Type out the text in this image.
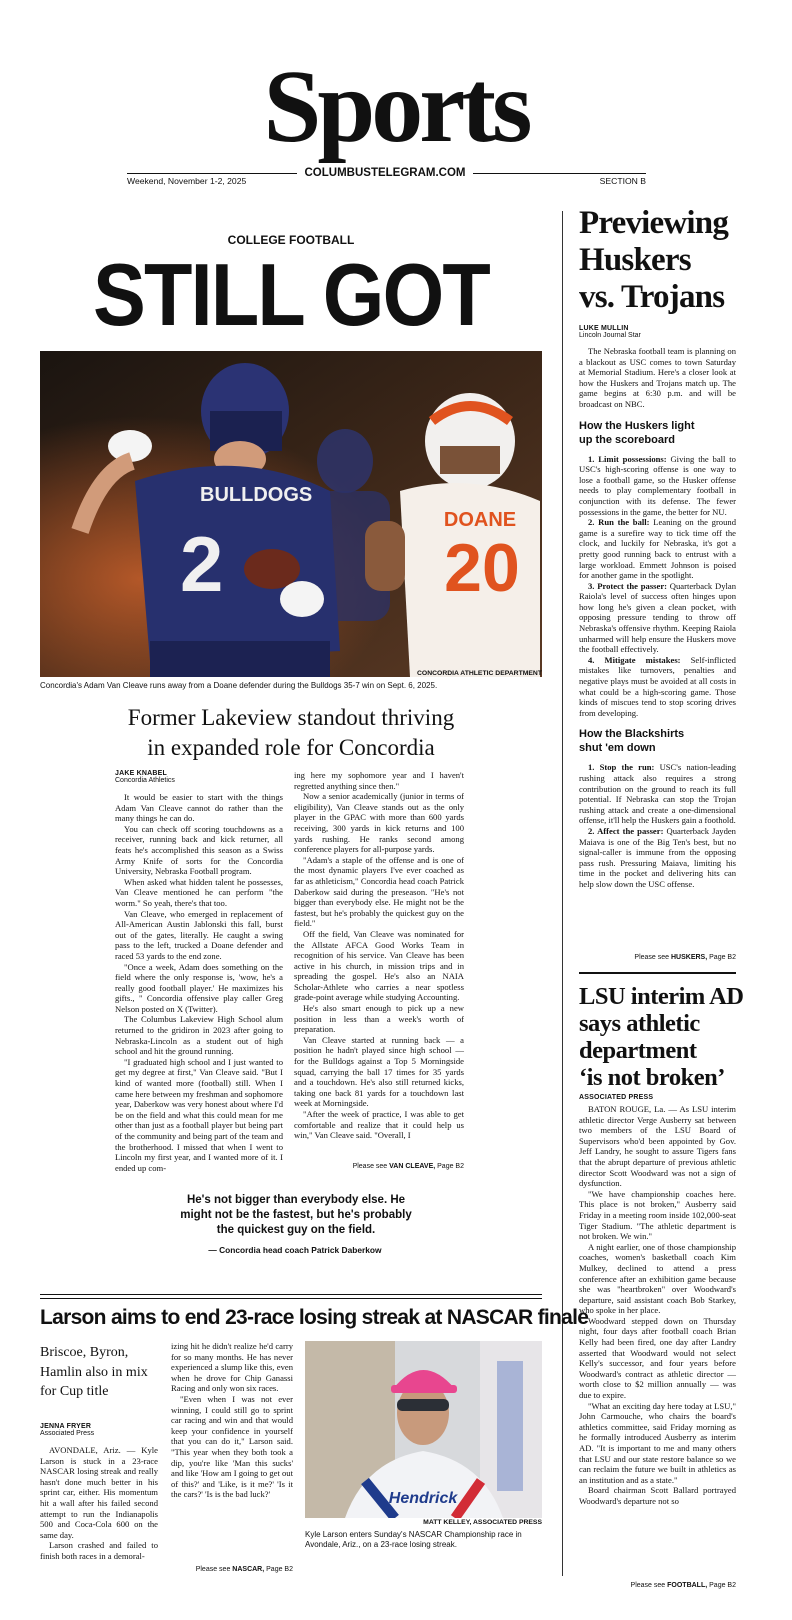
Sports
Weekend, November 1-2, 2025
COLUMBUSTELEGRAM.COM
SECTION B
COLLEGE FOOTBALL
STILL GOT
20
DOANE
BULLDOGS
2
CONCORDIA ATHLETIC DEPARTMENT
Concordia's Adam Van Cleave runs away from a Doane defender during the Bulldogs 35-7 win on Sept. 6, 2025.
Former Lakeview standout thriving
in expanded role for Concordia
JAKE KNABEL
Concordia Athletics

It would be easier to start with the things Adam Van Cleave cannot do rather than the many things he can do.

You can check off scoring touchdowns as a receiver, running back and kick returner, all feats he's accomplished this season as a Swiss Army Knife of sorts for the Concordia University, Nebraska Football program.

When asked what hidden talent he possesses, Van Cleave mentioned he can perform "the worm." So yeah, there's that too.

Van Cleave, who emerged in replacement of All-American Austin Jablonski this fall, burst out of the gates, literally. He caught a swing pass to the left, trucked a Doane defender and raced 53 yards to the end zone.

"Once a week, Adam does something on the field where the only response is, 'wow, he's a really good football player.' He maximizes his gifts., " Concordia offensive play caller Greg Nelson posted on X (Twitter).

The Columbus Lakeview High School alum returned to the gridiron in 2023 after going to Nebraska-Lincoln as a student out of high school and hit the ground running.

"I graduated high school and I just wanted to get my degree at first," Van Cleave said. "But I kind of wanted more (football) still. When I came here between my freshman and sophomore year, Daberkow was very honest about where I'd be on the field and what this could mean for me other than just as a football player but being part of the community and being part of the team and the brotherhood. I missed that when I went to Lincoln my first year, and I wanted more of it. I ended up com-

ing here my sophomore year and I haven't regretted anything since then."

Now a senior academically (junior in terms of eligibility), Van Cleave stands out as the only player in the GPAC with more than 600 yards receiving, 300 yards in kick returns and 100 yards rushing. He ranks second among conference players for all-purpose yards.

"Adam's a staple of the offense and is one of the most dynamic players I've ever coached as far as athleticism," Concordia head coach Patrick Daberkow said during the preseason. "He's not bigger than everybody else. He might not be the fastest, but he's probably the quickest guy on the field."

Off the field, Van Cleave was nominated for the Allstate AFCA Good Works Team in recognition of his service. Van Cleave has been active in his church, in mission trips and in spreading the gospel. He's also an NAIA Scholar-Athlete who carries a near spotless grade-point average while studying Accounting.

He's also smart enough to pick up a new position in less than a week's worth of preparation.

Van Cleave started at running back — a position he hadn't played since high school — for the Bulldogs against a Top 5 Morningside squad, carrying the ball 17 times for 35 yards and a touchdown. He's also still returned kicks, taking one back 81 yards for a touchdown last week at Morningside.

"After the week of practice, I was able to get comfortable and realize that it could help us win," Van Cleave said. "Overall, I

Please see VAN CLEAVE, Page B2
He's not bigger than everybody else. He might not be the fastest, but he's probably the quickest guy on the field.
— Concordia head coach Patrick Daberkow
Larson aims to end 23-race losing streak at NASCAR finale
Briscoe, Byron, Hamlin also in mix for Cup title
JENNA FRYER
Associated Press

AVONDALE, Ariz. — Kyle Larson is stuck in a 23-race NASCAR losing streak and really hasn't done much better in his sprint car, either. His momentum hit a wall after his failed second attempt to run the Indianapolis 500 and Coca-Cola 600 on the same day.

Larson crashed and failed to finish both races in a demoral-

izing hit he didn't realize he'd carry for so many months. He has never experienced a slump like this, even when he drove for Chip Ganassi Racing and only won six races.

"Even when I was not ever winning, I could still go to sprint car racing and win and that would keep your confidence in yourself that you can do it," Larson said. "This year when they both took a dip, you're like 'Man this sucks' and like 'How am I going to get out of this?' and 'Like, is it me?' 'Is it the cars?' 'Is is the bad luck?'

Please see NASCAR, Page B2
Hendrick
MATT KELLEY, ASSOCIATED PRESS
Kyle Larson enters Sunday's NASCAR Championship race in Avondale, Ariz., on a 23-race losing streak.
Previewing
Huskers
vs. Trojans
LUKE MULLIN
Lincoln Journal Star

The Nebraska football team is planning on a blackout as USC comes to town Saturday at Memorial Stadium. Here's a closer look at how the Huskers and Trojans match up. The game begins at 6:30 p.m. and will be broadcast on NBC.

How the Huskers light up the scoreboard

1. Limit possessions: Giving the ball to USC's high-scoring offense is one way to lose a football game, so the Husker offense needs to play complementary football in conjunction with its defense. The fewer possessions in the game, the better for NU.

2. Run the ball: Leaning on the ground game is a surefire way to tick time off the clock, and luckily for Nebraska, it's got a pretty good running back to entrust with a large workload. Emmett Johnson is poised for another game in the spotlight.

3. Protect the passer: Quarterback Dylan Raiola's level of success often hinges upon how long he's given a clean pocket, with opposing pressure tending to throw off Nebraska's offensive rhythm. Keeping Raiola unharmed will help ensure the Huskers move the football effectively.

4. Mitigate mistakes: Self-inflicted mistakes like turnovers, penalties and negative plays must be avoided at all costs in what could be a high-scoring game. Those kinds of miscues tend to stop scoring drives from developing.

How the Blackshirts shut 'em down

1. Stop the run: USC's nation-leading rushing attack also requires a strong contribution on the ground to reach its full potential. If Nebraska can stop the Trojan rushing attack and create a one-dimensional offense, it'll help the Huskers gain a foothold.

2. Affect the passer: Quarterback Jayden Maiava is one of the Big Ten's best, but no signal-caller is immune from the opposing pass rush. Pressuring Maiava, limiting his time in the pocket and delivering hits can help slow down the USC offense.

Please see HUSKERS, Page B2
LSU interim AD
says athletic
department
‘is not broken’
ASSOCIATED PRESS

BATON ROUGE, La. — As LSU interim athletic director Verge Ausberry sat between two members of the LSU Board of Supervisors who'd been appointed by Gov. Jeff Landry, he sought to assure Tigers fans that the abrupt departure of previous athletic director Scott Woodward was not a sign of dysfunction.

"We have championship coaches here. This place is not broken," Ausberry said Friday in a meeting room inside 102,000-seat Tiger Stadium. "The athletic department is not broken. We win."

A night earlier, one of those championship coaches, women's basketball coach Kim Mulkey, declined to attend a press conference after an exhibition game because she was "heartbroken" over Woodward's departure, said assistant coach Bob Starkey, who spoke in her place.

Woodward stepped down on Thursday night, four days after football coach Brian Kelly had been fired, one day after Landry asserted that Woodward would not select Kelly's successor, and four years before Woodward's contract as athletic director — worth close to $2 million annually — was due to expire.

"What an exciting day here today at LSU," John Carmouche, who chairs the board's athletics committee, said Friday morning as he formally introduced Ausberry as interim AD. "It is important to me and many others that LSU and our state restore balance so we can reclaim the future we built in athletics as an institution and as a state."

Board chairman Scott Ballard portrayed Woodward's departure not so

Please see FOOTBALL, Page B2
